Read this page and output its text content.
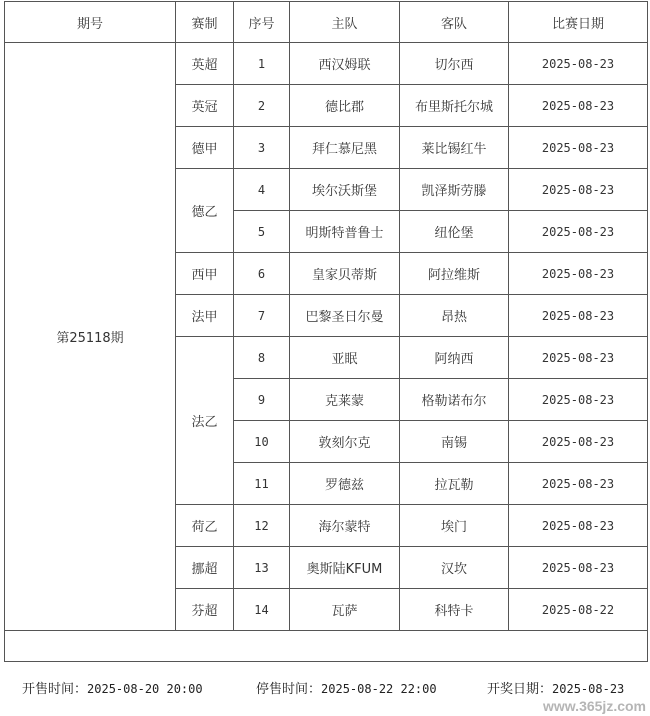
期号	赛制	序号	主队	客队	比赛日期
第25118期	英超	1	西汉姆联	切尔西	2025-08-23
	英冠	2	德比郡	布里斯托尔城	2025-08-23
	德甲	3	拜仁慕尼黑	莱比锡红牛	2025-08-23
	德乙	4	埃尔沃斯堡	凯泽斯劳滕	2025-08-23
		5	明斯特普鲁士	纽伦堡	2025-08-23
	西甲	6	皇家贝蒂斯	阿拉维斯	2025-08-23
	法甲	7	巴黎圣日尔曼	昂热	2025-08-23
	法乙	8	亚眠	阿纳西	2025-08-23
		9	克莱蒙	格勒诺布尔	2025-08-23
		10	敦刻尔克	南锡	2025-08-23
		11	罗德兹	拉瓦勒	2025-08-23
	荷乙	12	海尔蒙特	埃门	2025-08-23
	挪超	13	奥斯陆KFUM	汉坎	2025-08-23
	芬超	14	瓦萨	科特卡	2025-08-22

开售时间：2025-08-20 20:00	停售时间：2025-08-22 22:00	开奖日期：2025-08-23
www.365jz.com
